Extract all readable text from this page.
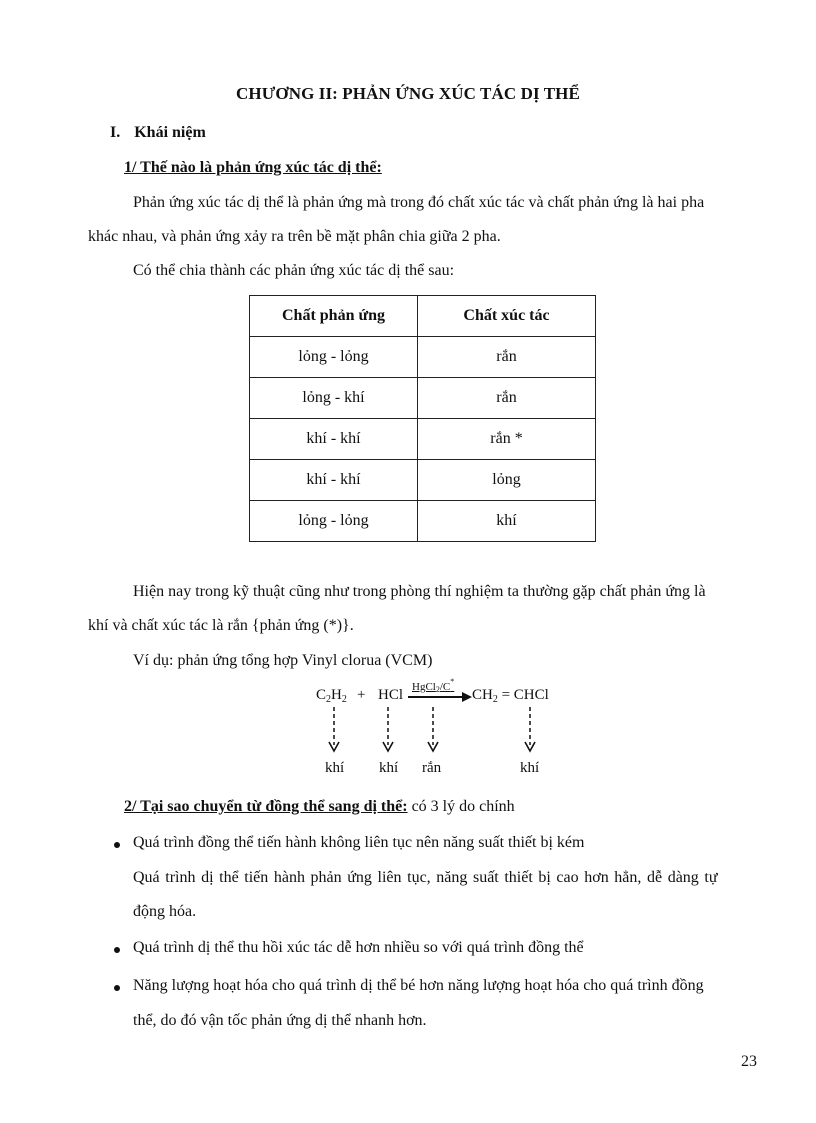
CHƯƠNG II: PHẢN ỨNG XÚC TÁC DỊ THỂ
I. Khái niệm
1/ Thế nào là phản ứng xúc tác dị thể:
Phản ứng xúc tác dị thể là phản ứng mà trong đó chất xúc tác và chất phản ứng là hai pha
khác nhau, và phản ứng xảy ra trên bề mặt phân chia giữa 2 pha.
Có thể chia thành các phản ứng xúc tác dị thể sau:
Chất phản ứng	Chất xúc tác
lỏng - lỏng	rắn
lỏng - khí	rắn
khí - khí	rắn *
khí - khí	lỏng
lỏng - lỏng	khí
Hiện nay trong kỹ thuật cũng như trong phòng thí nghiệm ta thường gặp chất phản ứng là
khí và chất xúc tác là rắn {phản ứng (*)}.
Ví dụ: phản ứng tổng hợp Vinyl clorua (VCM)
$C_2H_2$ + HCl HgCl2/C*
→ $CH_2$ = CHCl
khí khí rắn	khí
2/ Tại sao chuyển từ đồng thể sang dị thể: có 3 lý do chính
Quá trình đồng thể tiến hành không liên tục nên năng suất thiết bị kém
Quá trình dị thể tiến hành phản ứng liên tục, năng suất thiết bị cao hơn hẳn, dễ dàng tự
động hóa.
Quá trình dị thể thu hồi xúc tác dễ hơn nhiều so với quá trình đồng thể
Năng lượng hoạt hóa cho quá trình dị thể bé hơn năng lượng hoạt hóa cho quá trình đồng
thể, do đó vận tốc phản ứng dị thể nhanh hơn.
23
